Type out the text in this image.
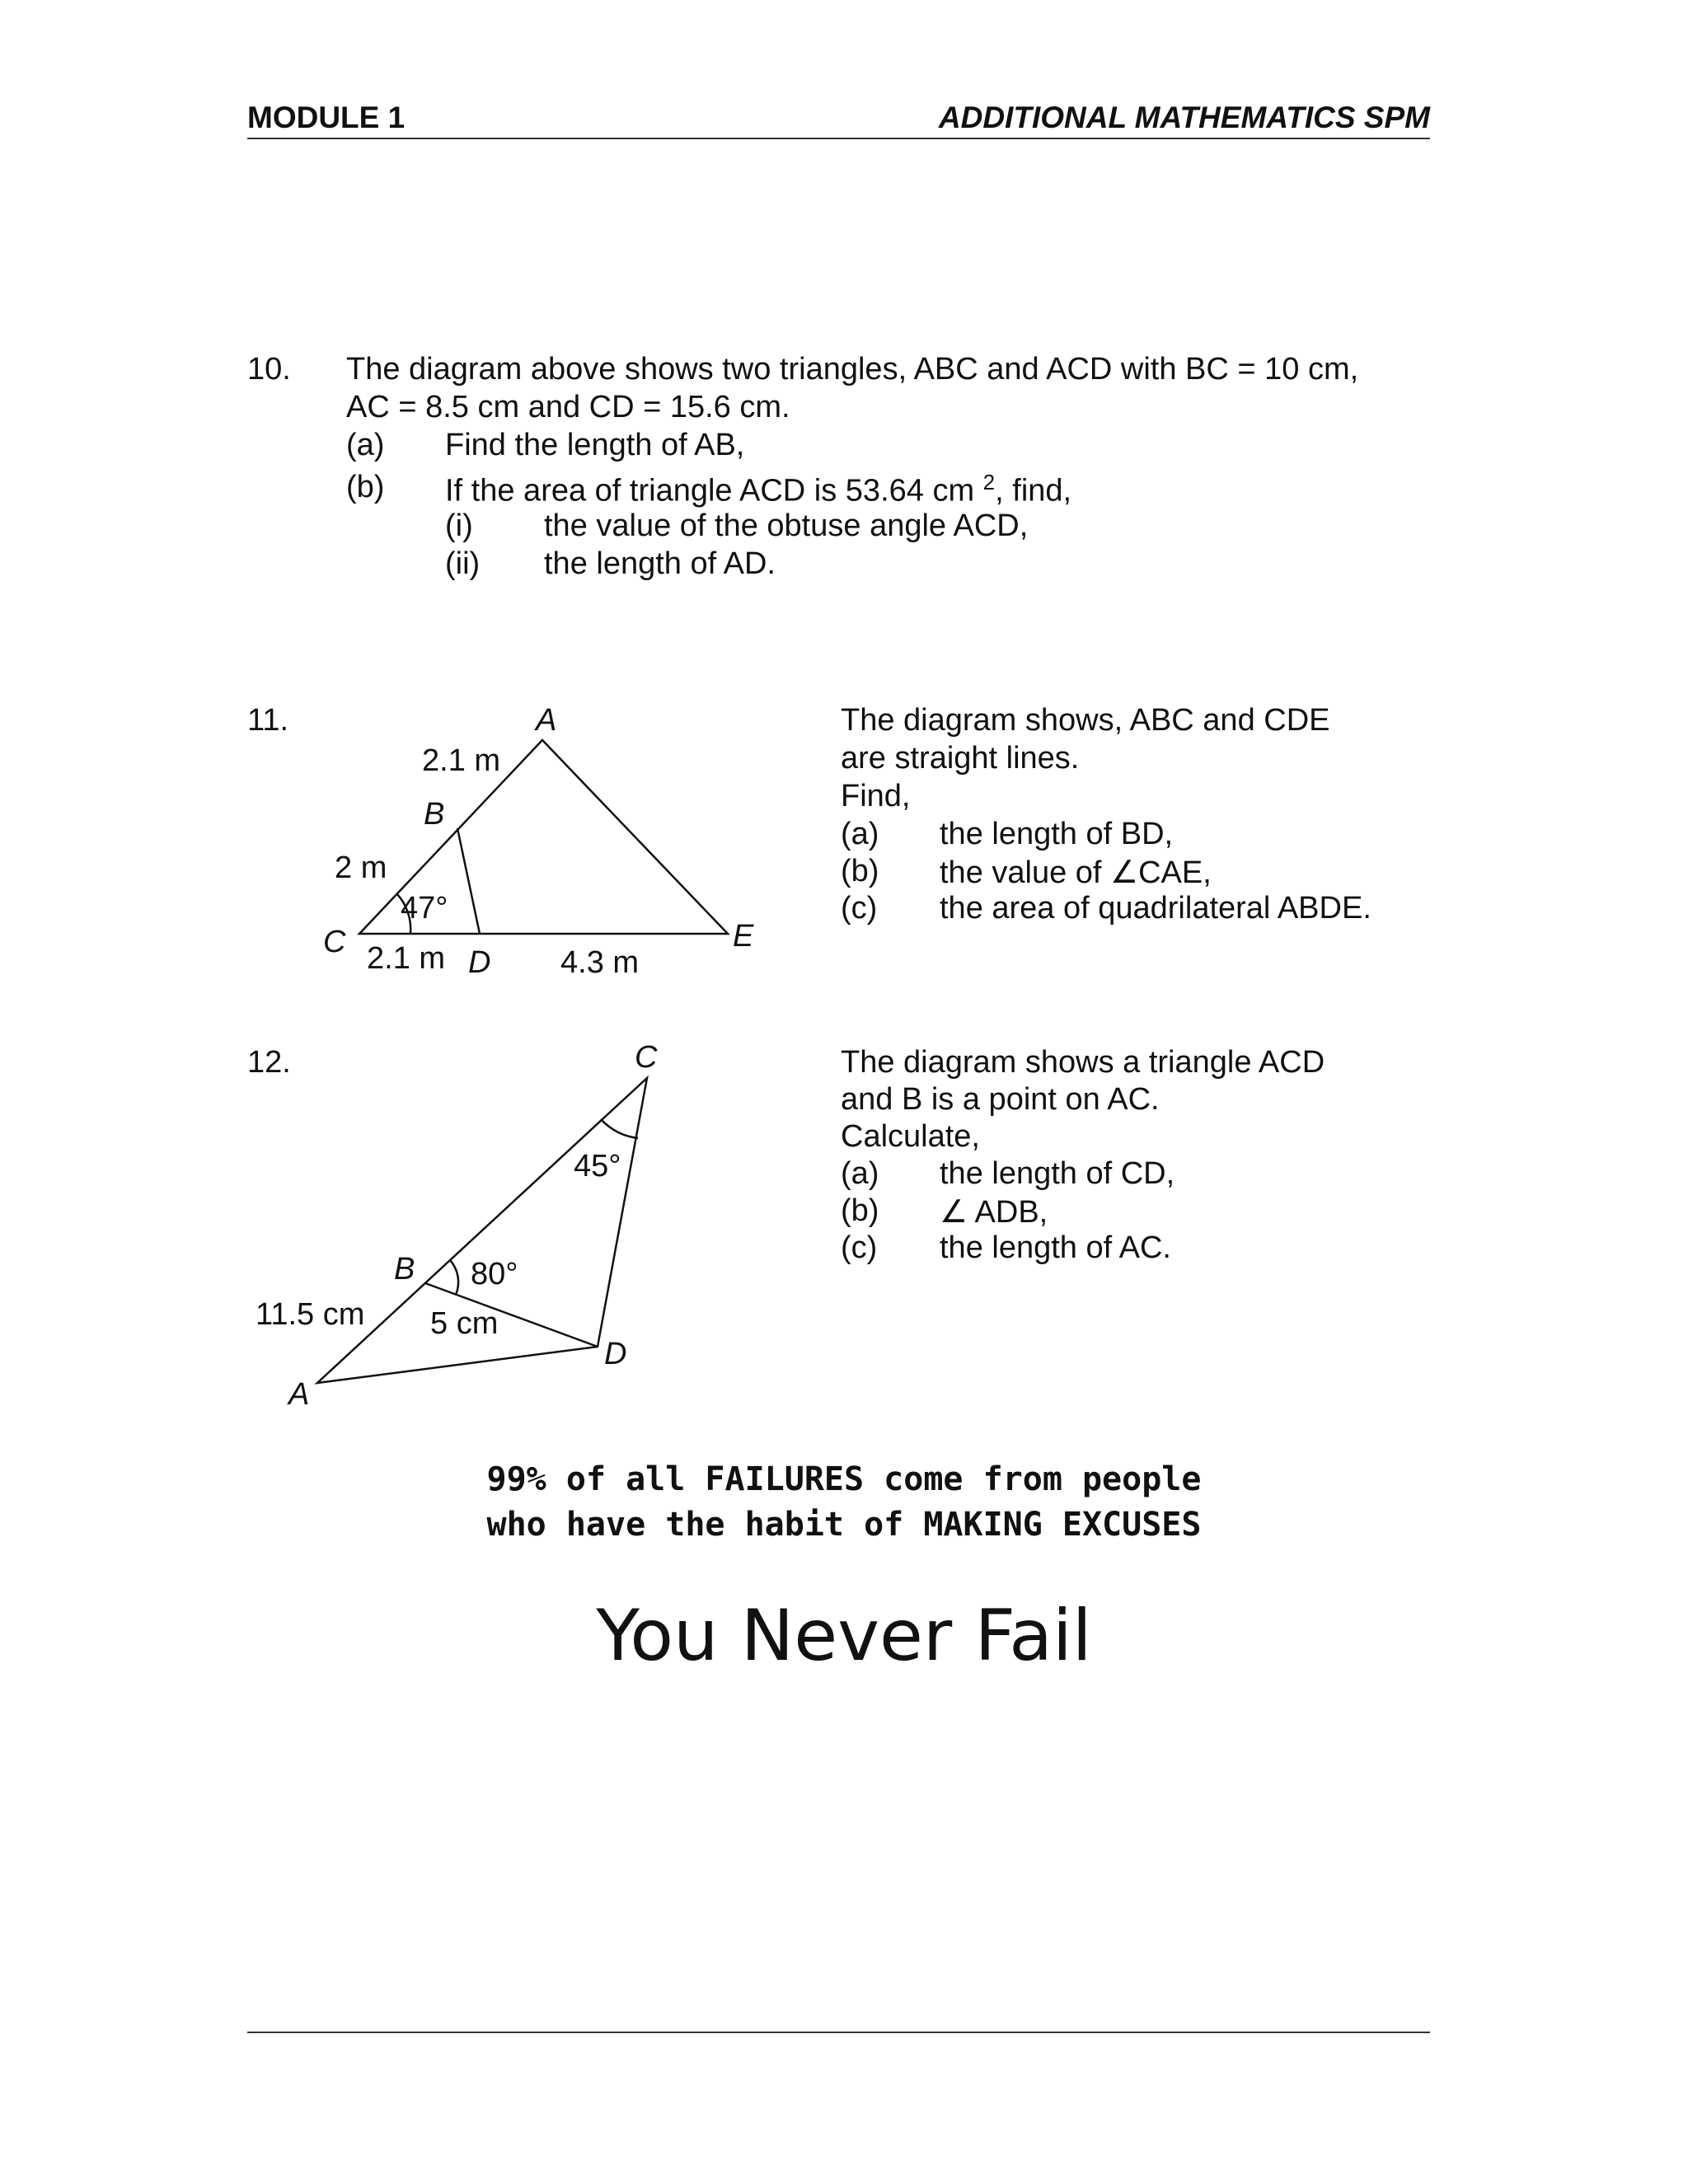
MODULE 1	ADDITIONAL MATHEMATICS SPM
10. The diagram above shows two triangles, ABC and ACD with BC = 10 cm,
AC = 8.5 cm and CD = 15.6 cm.
(a) Find the length of AB,
(b) If the area of triangle ACD is 53.64 cm $^2$, find,
(i) the value of the obtuse angle ACD,
(ii) the length of AD.
11.	A
2.1 m
B
2 m
47°
C 2.1 m D 4.3 m
E
C
45°
B 80°
11.5 cm 5 cm
D
A
The diagram shows, ABC and CDE
are straight lines.
Find,
(a) the length of BD,
(b) the value of ∠CAE,
(c) the area of quadrilateral ABDE.
12.	The diagram shows a triangle ACD
and B is a point on AC.
Calculate,
(a) the length of CD,
(b) ∠ ADB,
(c) the length of AC.
99% of all FAILURES come from people
who have the habit of MAKING EXCUSES
You Never Fail
